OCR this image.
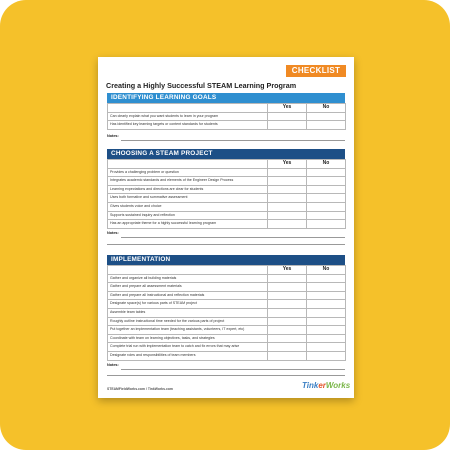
CHECKLIST
Creating a Highly Successful STEAM Learning Program
IDENTIFYING LEARNING GOALS
	Yes	No
Can clearly explain what you want students to learn in your program		
Has identified key learning targets or content standards for students		
Notes:
CHOOSING A STEAM PROJECT
	Yes	No
Provides a challenging problem or question		
Integrates academic standards and elements of the Engineer Design Process		
Learning expectations and directions are clear for students		
Uses both formative and summative assessment		
Gives students voice and choice		
Supports sustained inquiry and reflection		
Has an appropriate theme for a highly successful learning program		
Notes:
IMPLEMENTATION
	Yes	No
Gather and organize all building materials		
Gather and prepare all assessment materials		
Gather and prepare all instructional and reflection materials		
Designate space(s) for various parts of STEAM project		
Assemble team tables		
Roughly outline instructional time needed for the various parts of project		
Put together an implementation team (teaching assistants, volunteers, IT expert, etc)		
Coordinate with team on learning objectives, tasks, and strategies		
Complete trial run with implementation team to catch and fix errors that may arise		
Designate roles and responsibilities of team members		
Notes:
STEAMFieldWorks.com / TinkWorks.com	TinkerWorks
